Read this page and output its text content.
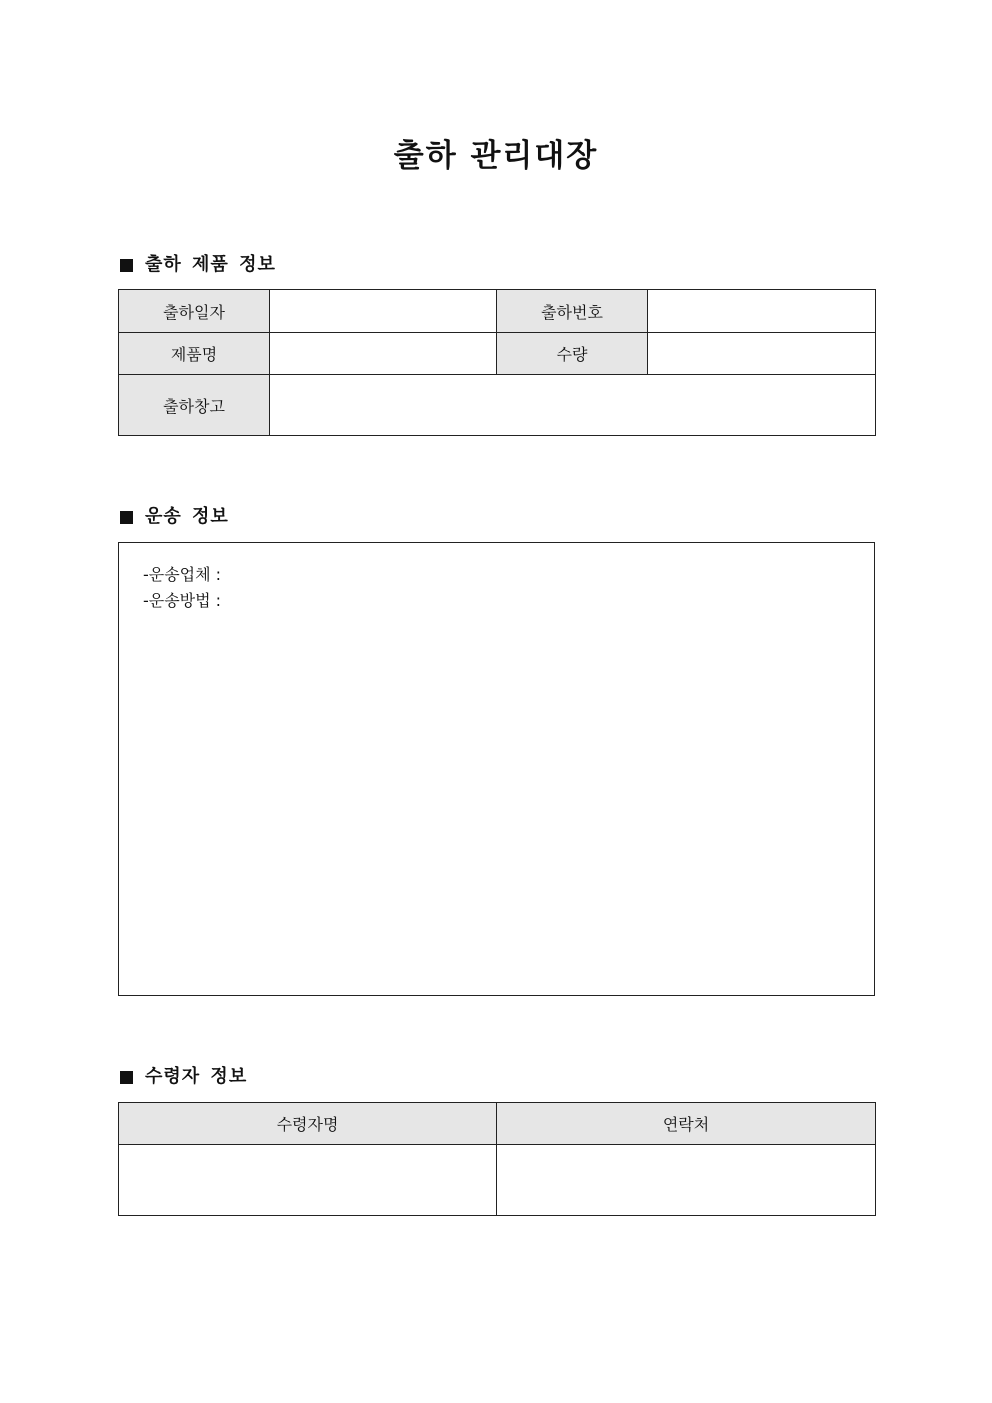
출하 관리대장
출하 제품 정보
출하일자		출하번호	
제품명		수량	
출하창고			
운송 정보
-운송업체 :
-운송방법 :
수령자 정보
수령자명	연락처
